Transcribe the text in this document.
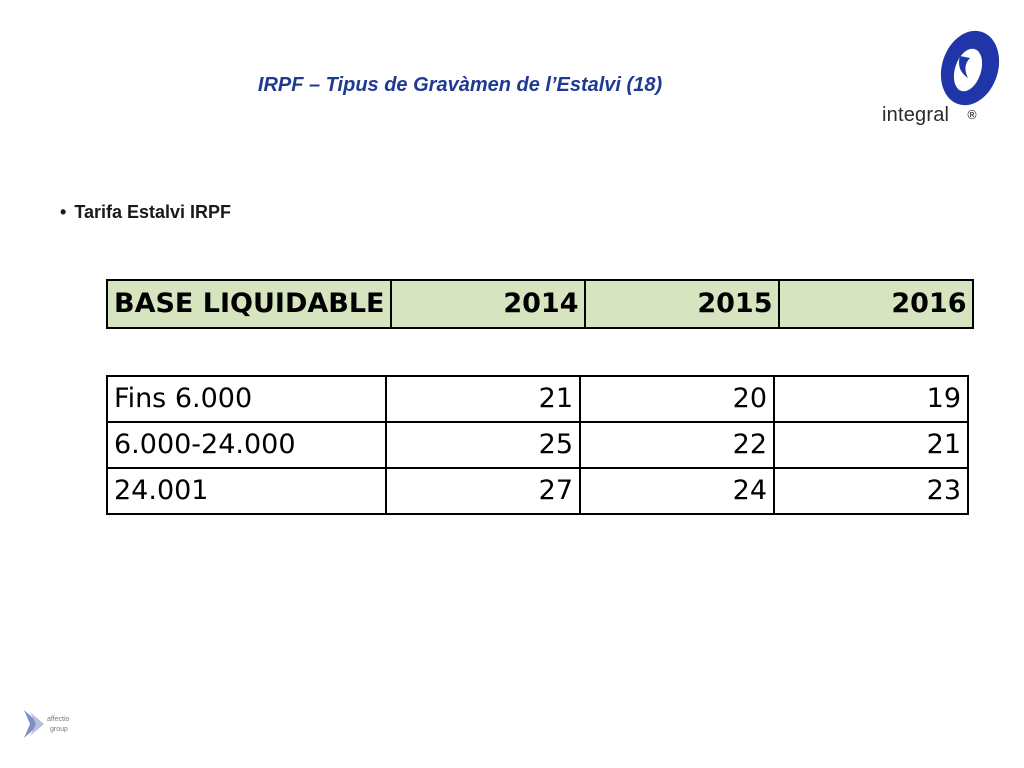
IRPF – Tipus de Gravàmen de l’Estalvi (18)
integral ®
• Tarifa Estalvi IRPF
BASE LIQUIDABLE	2014	2015	2016
Fins 6.000	21	20	19
6.000-24.000	25	22	21
24.001	27	24	23
affectio
group
